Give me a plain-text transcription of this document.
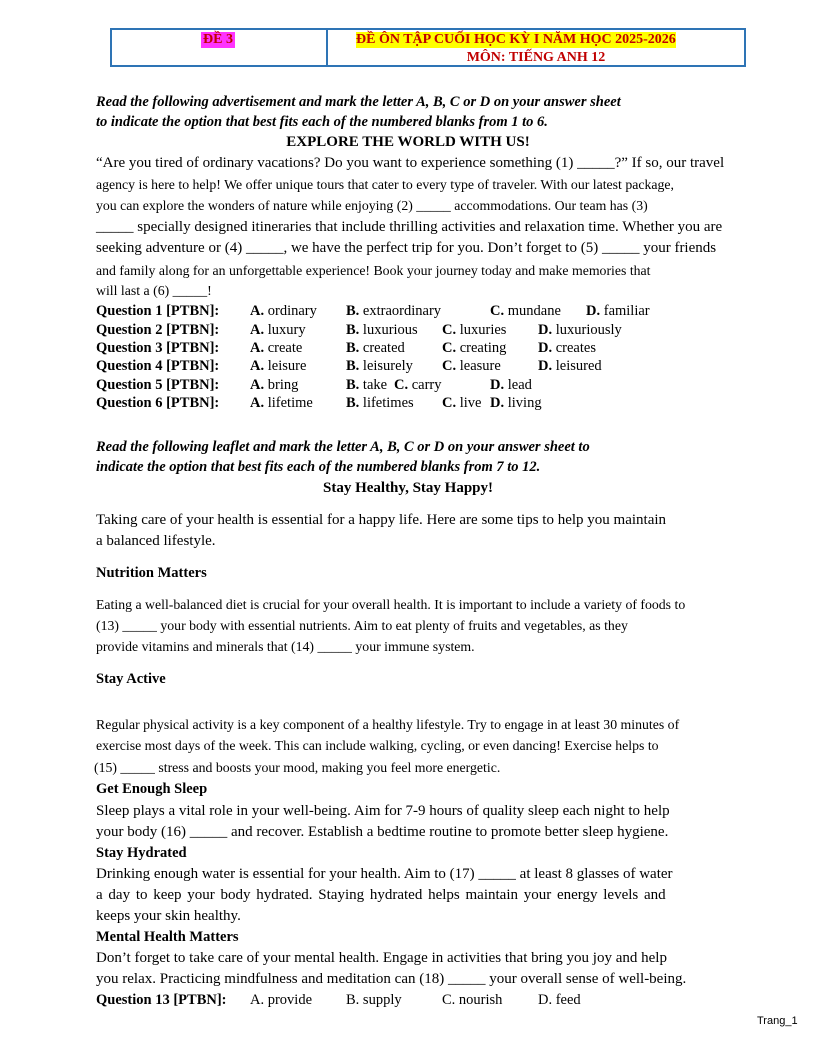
ĐỀ 3	ĐỀ ÔN TẬP CUỐI HỌC KỲ I NĂM HỌC 2025-2026
MÔN: TIẾNG ANH 12
Read the following advertisement and mark the letter A, B, C or D on your answer sheet
to indicate the option that best fits each of the numbered blanks from 1 to 6.
EXPLORE THE WORLD WITH US!
“Are you tired of ordinary vacations? Do you want to experience something (1) _____?” If so, our travel
agency is here to help! We offer unique tours that cater to every type of traveler. With our latest package,
you can explore the wonders of nature while enjoying (2) _____ accommodations. Our team has (3)
_____ specially designed itineraries that include thrilling activities and relaxation time. Whether you are
seeking adventure or (4) _____, we have the perfect trip for you. Don’t forget to (5) _____ your friends
and family along for an unforgettable experience! Book your journey today and make memories that
will last a (6) _____!
Question 1 [PTBN]: A. ordinary B. extraordinary	C. mundane D. familiar
Question 2 [PTBN]: A. luxury	B. luxurious C. luxuries D. luxuriously
Question 3 [PTBN]: A. create	B. created	C. creating D. creates
Question 4 [PTBN]: A. leisure	B. leisurely C. leasure	D. leisured
Question 5 [PTBN]: A. bring	B. take C. carry	D. lead
Question 6 [PTBN]: A. lifetime B. lifetimes C. live D. living
Read the following leaflet and mark the letter A, B, C or D on your answer sheet to
indicate the option that best fits each of the numbered blanks from 7 to 12.
Stay Healthy, Stay Happy!
Taking care of your health is essential for a happy life. Here are some tips to help you maintain
a balanced lifestyle.
Nutrition Matters
Eating a well-balanced diet is crucial for your overall health. It is important to include a variety of foods to
(13) _____ your body with essential nutrients. Aim to eat plenty of fruits and vegetables, as they
provide vitamins and minerals that (14) _____ your immune system.
Stay Active
Regular physical activity is a key component of a healthy lifestyle. Try to engage in at least 30 minutes of
exercise most days of the week. This can include walking, cycling, or even dancing! Exercise helps to
(15) _____ stress and boosts your mood, making you feel more energetic.
Get Enough Sleep
Sleep plays a vital role in your well-being. Aim for 7-9 hours of quality sleep each night to help
your body (16) _____ and recover. Establish a bedtime routine to promote better sleep hygiene.
Stay Hydrated
Drinking enough water is essential for your health. Aim to (17) _____ at least 8 glasses of water
a day to keep your body hydrated. Staying hydrated helps maintain your energy levels and
keeps your skin healthy.
Mental Health Matters
Don’t forget to take care of your mental health. Engage in activities that bring you joy and help
you relax. Practicing mindfulness and meditation can (18) _____ your overall sense of well-being.
Question 13 [PTBN]: A. provide B. supply	C. nourish D. feed
Trang_1
